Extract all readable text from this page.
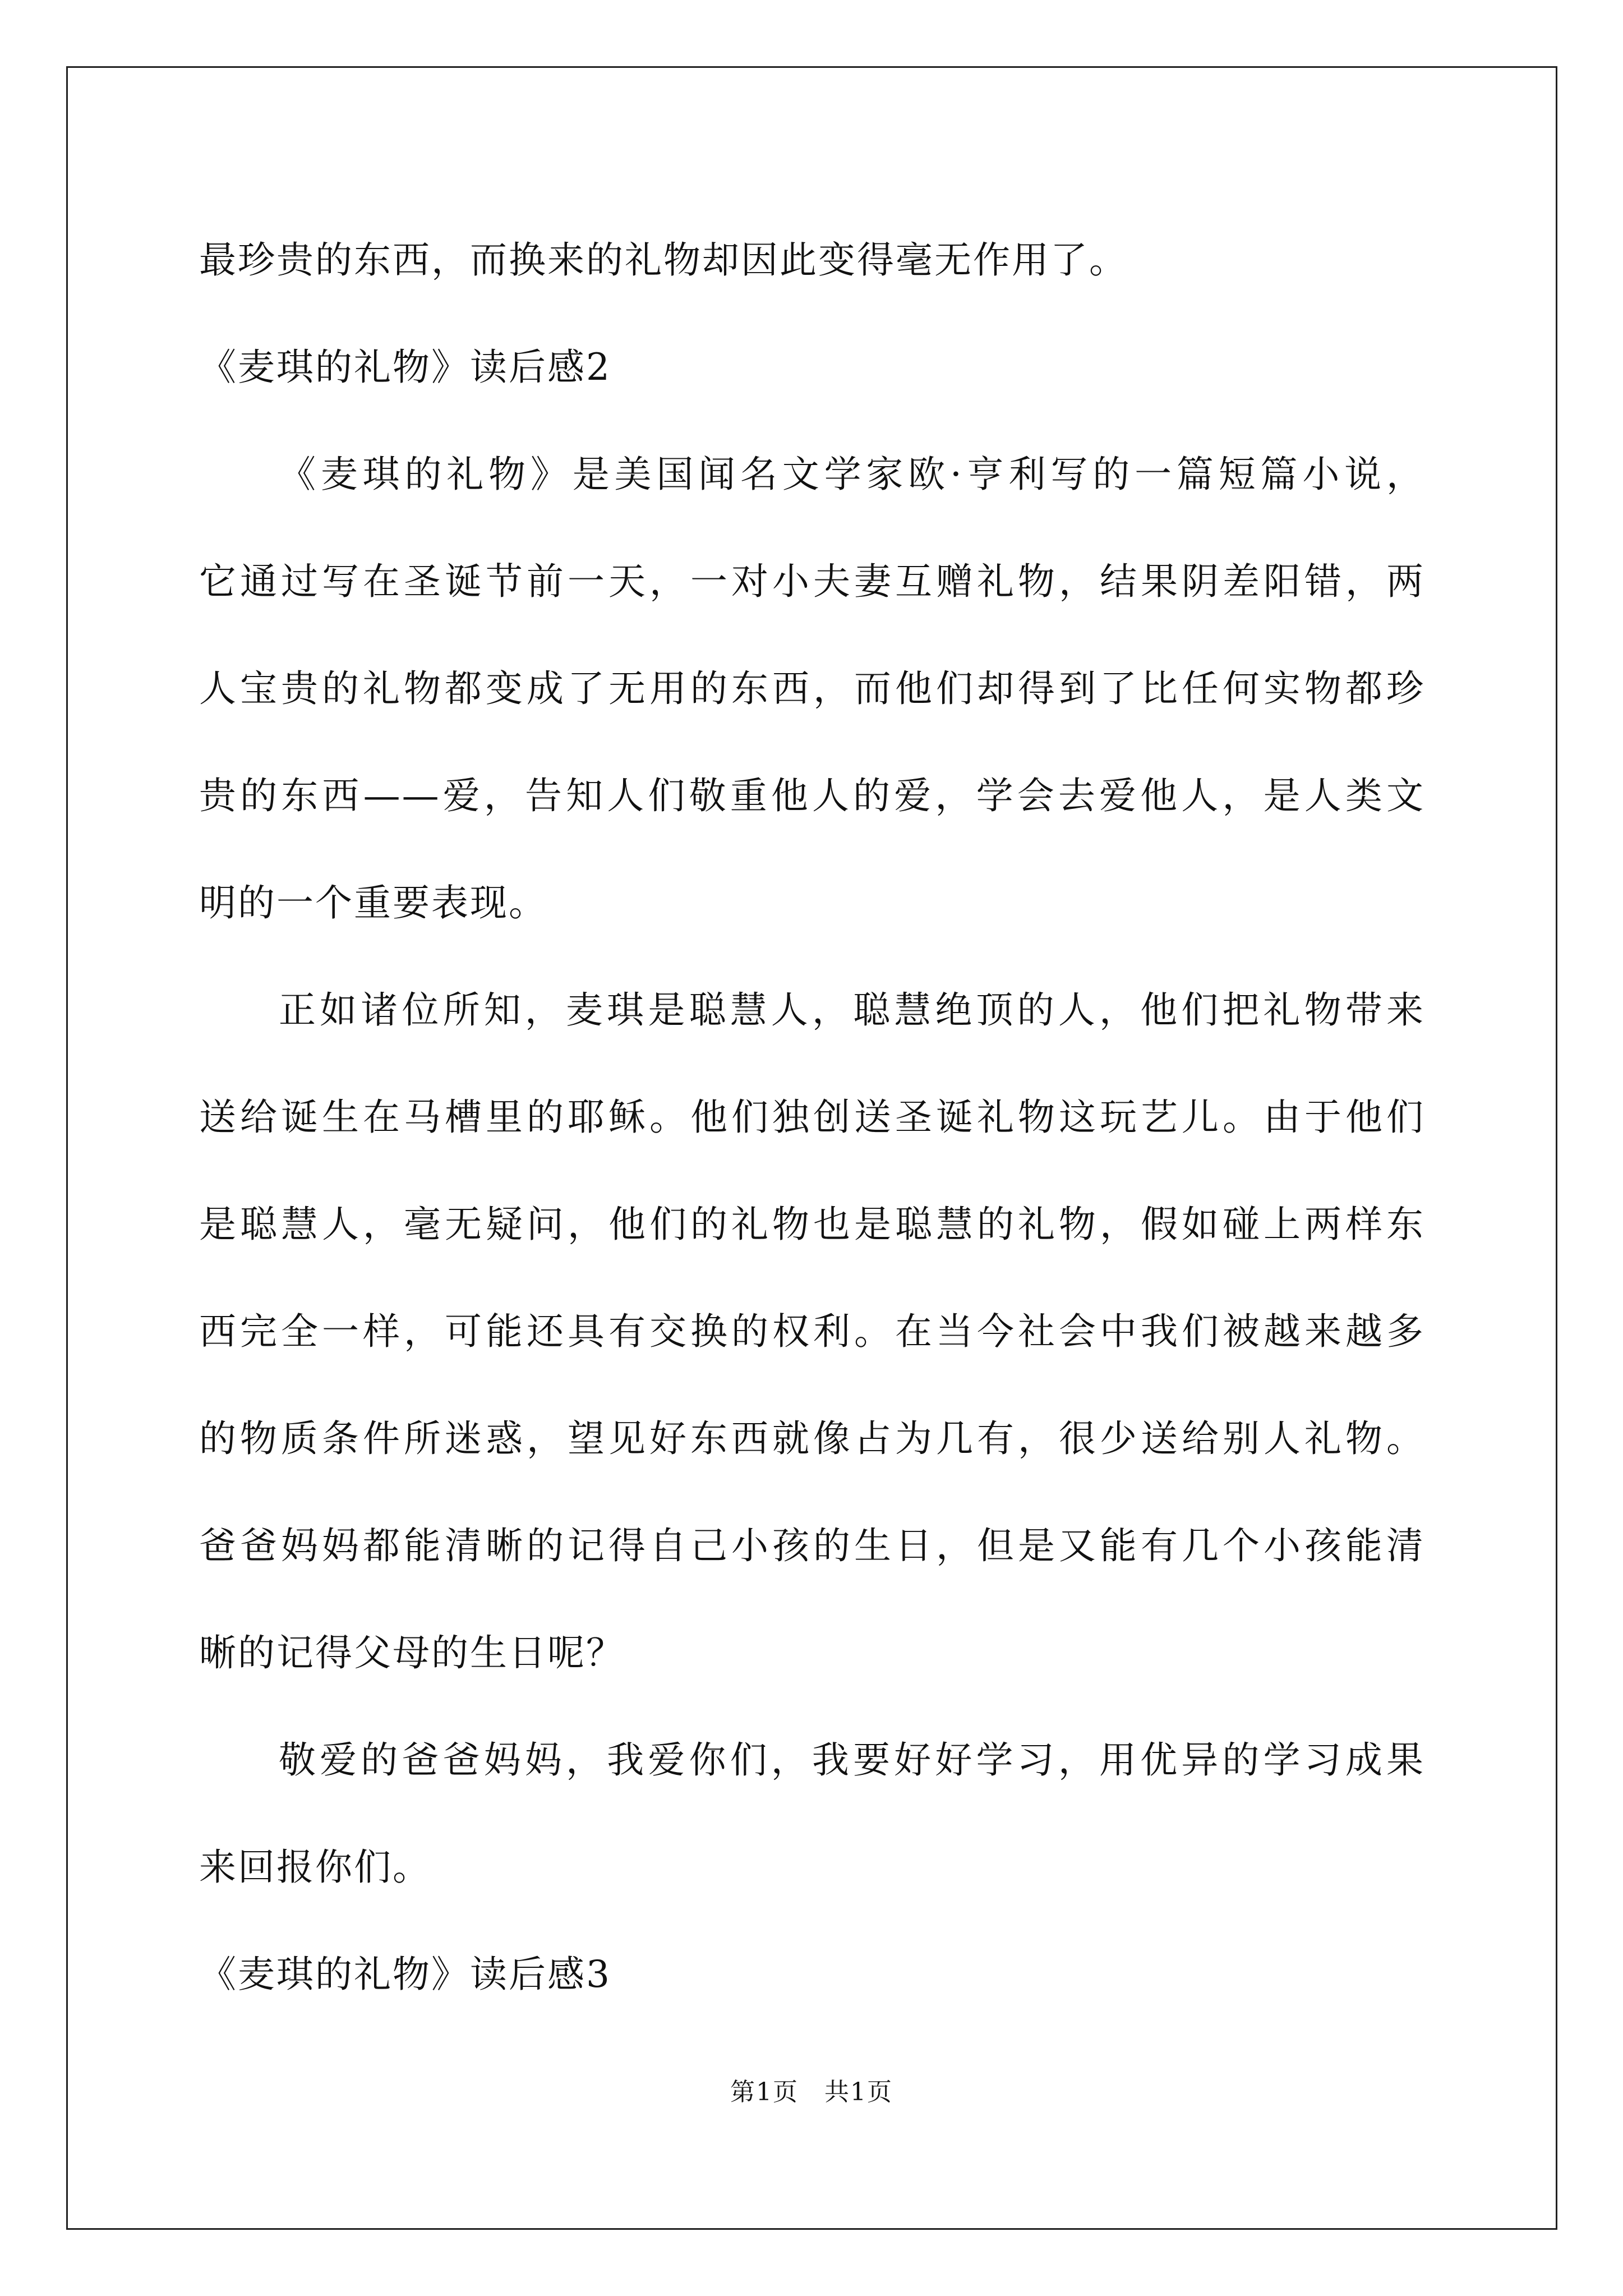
最珍贵的东西，而换来的礼物却因此变得毫无作用了。
《麦琪的礼物》读后感2
《麦琪的礼物》是美国闻名文学家欧·亨利写的一篇短篇小说，
它通过写在圣诞节前一天，一对小夫妻互赠礼物，结果阴差阳错，两
人宝贵的礼物都变成了无用的东西，而他们却得到了比任何实物都珍
贵的东西——爱，告知人们敬重他人的爱，学会去爱他人，是人类文
明的一个重要表现。
正如诸位所知，麦琪是聪慧人，聪慧绝顶的人，他们把礼物带来
送给诞生在马槽里的耶稣。他们独创送圣诞礼物这玩艺儿。由于他们
是聪慧人，毫无疑问，他们的礼物也是聪慧的礼物，假如碰上两样东
西完全一样，可能还具有交换的权利。在当今社会中我们被越来越多
的物质条件所迷惑，望见好东西就像占为几有，很少送给别人礼物。
爸爸妈妈都能清晰的记得自己小孩的生日，但是又能有几个小孩能清
晰的记得父母的生日呢？
敬爱的爸爸妈妈，我爱你们，我要好好学习，用优异的学习成果
来回报你们。
《麦琪的礼物》读后感3
第1页　共1页
